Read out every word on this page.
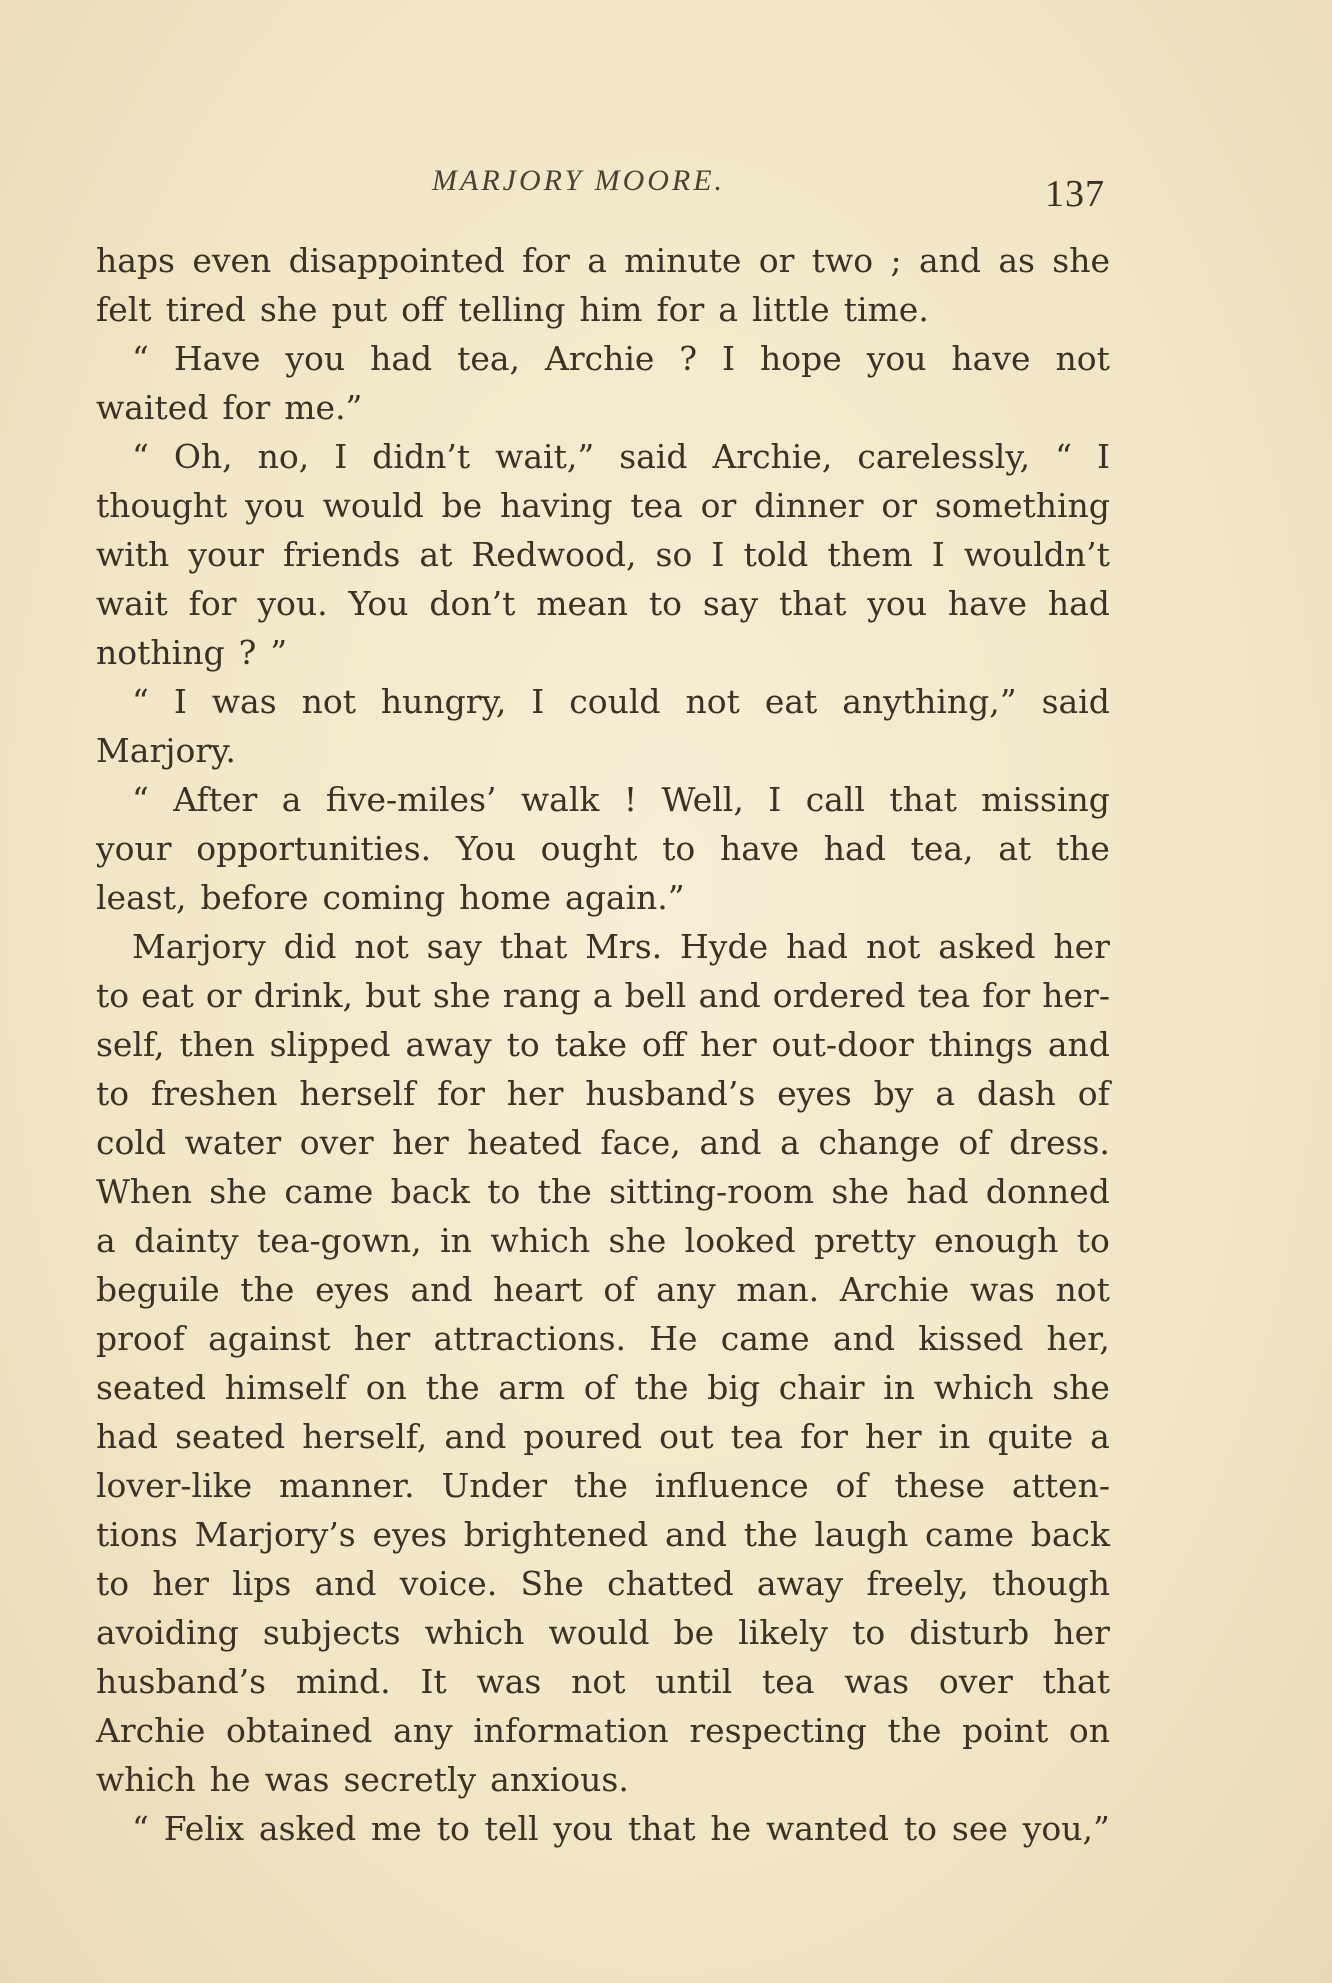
MARJORY MOORE.	137
haps even disappointed for a minute or two ; and as she
felt tired she put off telling him for a little time.
“ Have you had tea, Archie ? I hope you have not
waited for me.”
“ Oh, no, I didn’t wait,” said Archie, carelessly, “ I
thought you would be having tea or dinner or something
with your friends at Redwood, so I told them I wouldn’t
wait for you. You don’t mean to say that you have had
nothing ? ”
“ I was not hungry, I could not eat anything,” said
Marjory.
“ After a five-miles’ walk ! Well, I call that missing
your opportunities. You ought to have had tea, at the
least, before coming home again.”
Marjory did not say that Mrs. Hyde had not asked her
to eat or drink, but she rang a bell and ordered tea for her-
self, then slipped away to take off her out-door things and
to freshen herself for her husband’s eyes by a dash of
cold water over her heated face, and a change of dress.
When she came back to the sitting-room she had donned
a dainty tea-gown, in which she looked pretty enough to
beguile the eyes and heart of any man. Archie was not
proof against her attractions. He came and kissed her,
seated himself on the arm of the big chair in which she
had seated herself, and poured out tea for her in quite a
lover-like manner. Under the influence of these atten-
tions Marjory’s eyes brightened and the laugh came back
to her lips and voice. She chatted away freely, though
avoiding subjects which would be likely to disturb her
husband’s mind. It was not until tea was over that
Archie obtained any information respecting the point on
which he was secretly anxious.
“ Felix asked me to tell you that he wanted to see you,”
